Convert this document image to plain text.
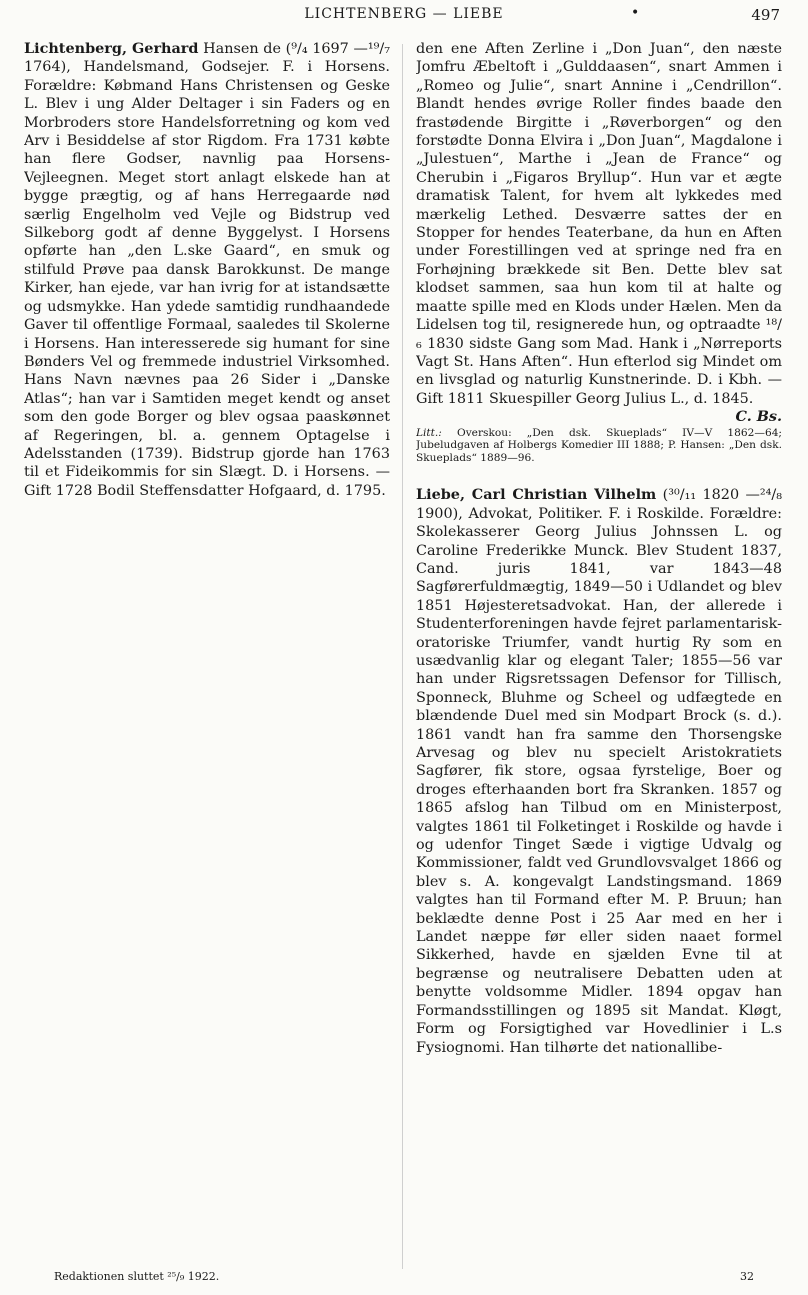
LICHTENBERG — LIEBE	•	497

Lichtenberg, Gerhard Hansen de (⁹/₄ 1697 —¹⁹/₇ 1764), Handelsmand, Godsejer. F. i Horsens. Forældre: Købmand Hans Christensen og Geske L. Blev i ung Alder Deltager i sin Faders og en Morbroders store Handelsforretning og kom ved Arv i Besiddelse af stor Rigdom. Fra 1731 købte han flere Godser, navnlig paa Horsens-Vejleegnen. Meget stort anlagt elskede han at bygge prægtig, og af hans Herregaarde nød særlig Engelholm ved Vejle og Bidstrup ved Silkeborg godt af denne Byggelyst. I Horsens opførte han „den L.ske Gaard“, en smuk og stilfuld Prøve paa dansk Barokkunst. De mange Kirker, han ejede, var han ivrig for at istandsætte og udsmykke. Han ydede samtidig rundhaandede Gaver til offentlige Formaal, saaledes til Skolerne i Horsens. Han interesserede sig humant for sine Bønders Vel og fremmede industriel Virksomhed. Hans Navn nævnes paa 26 Sider i „Danske Atlas“; han var i Samtiden meget kendt og anset som den gode Borger og blev ogsaa paaskønnet af Regeringen, bl. a. gennem Optagelse i Adelsstanden (1739). Bidstrup gjorde han 1763 til et Fideikommis for sin Slægt. D. i Horsens. — Gift 1728 Bodil Steffensdatter Hofgaard, d. 1795.

den ene Aften Zerline i „Don Juan“, den næste Jomfru Æbeltoft i „Gulddaasen“, snart Ammen i „Romeo og Julie“, snart Annine i „Cendrillon“. Blandt hendes øvrige Roller findes baade den frastødende Birgitte i „Røverborgen“ og den forstødte Donna Elvira i „Don Juan“, Magdalone i „Julestuen“, Marthe i „Jean de France“ og Cherubin i „Figaros Bryllup“. Hun var et ægte dramatisk Talent, for hvem alt lykkedes med mærkelig Lethed. Desværre sattes der en Stopper for hendes Teaterbane, da hun en Aften under Forestillingen ved at springe ned fra en Forhøjning brækkede sit Ben. Dette blev sat klodset sammen, saa hun kom til at halte og maatte spille med en Klods under Hælen. Men da Lidelsen tog til, resignerede hun, og optraadte ¹⁸/₆ 1830 sidste Gang som Mad. Hank i „Nørreports Vagt St. Hans Aften“. Hun efterlod sig Mindet om en livsglad og naturlig Kunstnerinde. D. i Kbh. — Gift 1811 Skuespiller Georg Julius L., d. 1845.
C. Bs.

Litt.: Overskou: „Den dsk. Skueplads“ IV—V 1862—64; Jubeludgaven af Holbergs Komedier III 1888; P. Hansen: „Den dsk. Skueplads“ 1889—96.

Liebe, Carl Christian Vilhelm (³⁰/₁₁ 1820 —²⁴/₈ 1900), Advokat, Politiker. F. i Roskilde. Forældre: Skolekasserer Georg Julius Johnssen L. og Caroline Frederikke Munck. Blev Student 1837, Cand. juris 1841, var 1843—48 Sagførerfuldmægtig, 1849—50 i Udlandet og blev 1851 Højesteretsadvokat. Han, der allerede i Studenterforeningen havde fejret parlamentarisk-oratoriske Triumfer, vandt hurtig Ry som en usædvanlig klar og elegant Taler; 1855—56 var han under Rigsretssagen Defensor for Tillisch, Sponneck, Bluhme og Scheel og udfægtede en blændende Duel med sin Modpart Brock (s. d.). 1861 vandt han fra samme den Thorsengske Arvesag og blev nu specielt Aristokratiets Sagfører, fik store, ogsaa fyrstelige, Boer og droges efterhaanden bort fra Skranken. 1857 og 1865 afslog han Tilbud om en Ministerpost, valgtes 1861 til Folketinget i Roskilde og havde i og udenfor Tinget Sæde i vigtige Udvalg og Kommissioner, faldt ved Grundlovsvalget 1866 og blev s. A. kongevalgt Landstingsmand. 1869 valgtes han til Formand efter M. P. Bruun; han beklædte denne Post i 25 Aar med en her i Landet næppe før eller siden naaet formel Sikkerhed, havde en sjælden Evne til at begrænse og neutralisere Debatten uden at benytte voldsomme Midler. 1894 opgav han Formandsstillingen og 1895 sit Mandat. Kløgt, Form og Forsigtighed var Hovedlinier i L.s Fysiognomi. Han tilhørte det nationallibe-

Redaktionen sluttet ²⁵/₉ 1922.	32
